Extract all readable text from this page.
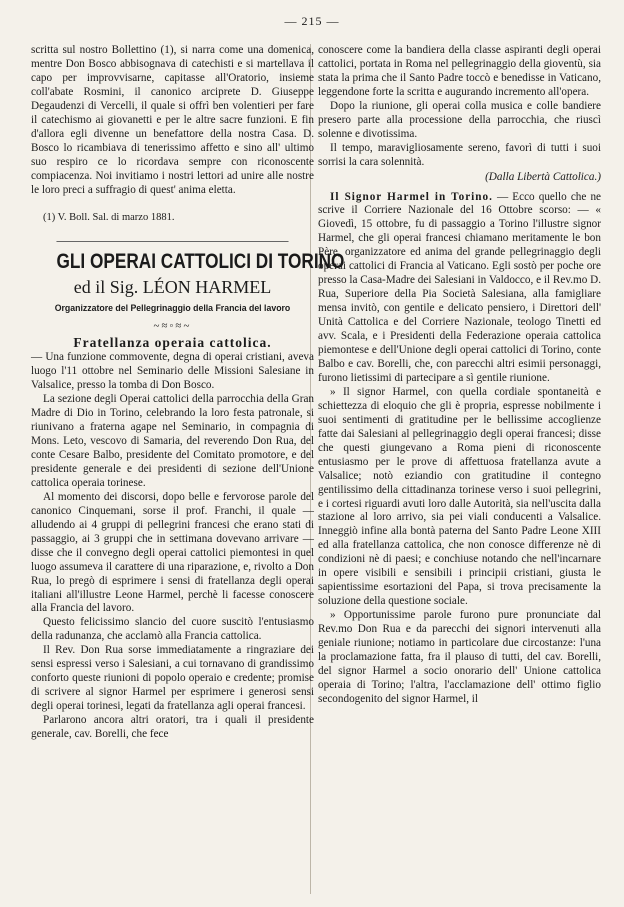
— 215 —

scritta sul nostro Bollettino (1), si narra come una domenica, mentre Don Bosco abbisognava di catechisti e si martellava il capo per improvvisarne, capitasse all'Oratorio, insieme coll'abate Rosmini, il canonico arciprete D. Giuseppe Degaudenzi di Vercelli, il quale si offrì ben volentieri per fare il catechismo ai giovanetti e per le altre sacre funzioni. E fin d'allora egli divenne un benefattore della nostra Casa. D. Bosco lo ricambiava di tenerissimo affetto e sino all' ultimo suo respiro ce lo ricordava sempre con riconoscente compiacenza. Noi invitiamo i nostri lettori ad unire alle nostre le loro preci a suffragio di quest' anima eletta.

(1) V. Boll. Sal. di marzo 1881.
GLI OPERAI CATTOLICI DI TORINO
ed il Sig. LÉON HARMEL
Organizzatore del Pellegrinaggio della Francia del lavoro
~≈◦≈~
Fratellanza operaia cattolica.

— Una funzione commovente, degna di operai cristiani, aveva luogo l'11 ottobre nel Seminario delle Missioni Salesiane in Valsalice, presso la tomba di Don Bosco.

La sezione degli Operai cattolici della parrocchia della Gran Madre di Dio in Torino, celebrando la loro festa patronale, si riunivano a fraterna agape nel Seminario, in compagnia di Mons. Leto, vescovo di Samaria, del reverendo Don Rua, del conte Cesare Balbo, presidente del Comitato promotore, e del presidente generale e dei presidenti di sezione dell'Unione cattolica operaia torinese.

Al momento dei discorsi, dopo belle e fervorose parole del canonico Cinquemani, sorse il prof. Franchi, il quale — alludendo ai 4 gruppi di pellegrini francesi che erano stati di passaggio, ai 3 gruppi che in settimana dovevano arrivare — disse che il convegno degli operai cattolici piemontesi in quel luogo assumeva il carattere di una riparazione, e, rivolto a Don Rua, lo pregò di esprimere i sensi di fratellanza degli operai italiani all'illustre Leone Harmel, perchè li facesse conoscere alla Francia del lavoro.

Questo felicissimo slancio del cuore suscitò l'entusiasmo della radunanza, che acclamò alla Francia cattolica.

Il Rev. Don Rua sorse immediatamente a ringraziare dei sensi espressi verso i Salesiani, a cui tornavano di grandissimo conforto queste riunioni di popolo operaio e credente; promise di scrivere al signor Harmel per esprimere i generosi sensi degli operai torinesi, legati da fratellanza agli operai francesi.

Parlarono ancora altri oratori, tra i quali il presidente generale, cav. Borelli, che fece

conoscere come la bandiera della classe aspiranti degli operai cattolici, portata in Roma nel pellegrinaggio della gioventù, sia stata la prima che il Santo Padre toccò e benedisse in Vaticano, leggendone forte la scritta e augurando incremento all'opera.

Dopo la riunione, gli operai colla musica e colle bandiere presero parte alla processione della parrocchia, che riuscì solenne e divotissima.

Il tempo, maravigliosamente sereno, favorì di tutti i suoi sorrisi la cara solennità.

(Dalla Libertà Cattolica.)

Il Signor Harmel in Torino. — Ecco quello che ne scrive il Corriere Nazionale del 16 Ottobre scorso: — « Giovedì, 15 ottobre, fu di passaggio a Torino l'illustre signor Harmel, che gli operai francesi chiamano meritamente le bon Père, organizzatore ed anima del grande pellegrinaggio degli operai cattolici di Francia al Vaticano. Egli sostò per poche ore presso la Casa-Madre dei Salesiani in Valdocco, e il Rev.mo D. Rua, Superiore della Pia Società Salesiana, alla famigliare mensa invitò, con gentile e delicato pensiero, i Direttori dell' Unità Cattolica e del Corriere Nazionale, teologo Tinetti ed avv. Scala, e i Presidenti della Federazione operaia cattolica piemontese e dell'Unione degli operai cattolici di Torino, conte Balbo e cav. Borelli, che, con parecchi altri esimii personaggi, furono lietissimi di partecipare a sì gentile riunione.

» Il signor Harmel, con quella cordiale spontaneità e schiettezza di eloquio che gli è propria, espresse nobilmente i suoi sentimenti di gratitudine per le bellissime accoglienze fatte dai Salesiani al pellegrinaggio degli operai francesi; disse che questi giungevano a Roma pieni di riconoscente entusiasmo per le prove di affettuosa fratellanza avute a Valsalice; notò eziandio con gratitudine il contegno gentilissimo della cittadinanza torinese verso i suoi pellegrini, e i cortesi riguardi avuti loro dalle Autorità, sia nell'uscita dalla stazione al loro arrivo, sia pei viali conducenti a Valsalice. Inneggiò infine alla bontà paterna del Santo Padre Leone XIII ed alla fratellanza cattolica, che non conosce differenze nè di condizioni nè di paesi; e conchiuse notando che nell'incarnare in opere visibili e sensibili i principii cristiani, giusta le sapientissime esortazioni del Papa, si trova precisamente la soluzione della questione sociale.

» Opportunissime parole furono pure pronunciate dal Rev.mo Don Rua e da parecchi dei signori intervenuti alla geniale riunione; notiamo in particolare due circostanze: l'una la proclamazione fatta, fra il plauso di tutti, del cav. Borelli, del signor Harmel a socio onorario dell' Unione cattolica operaia di Torino; l'altra, l'acclamazione dell' ottimo figlio secondogenito del signor Harmel, il
